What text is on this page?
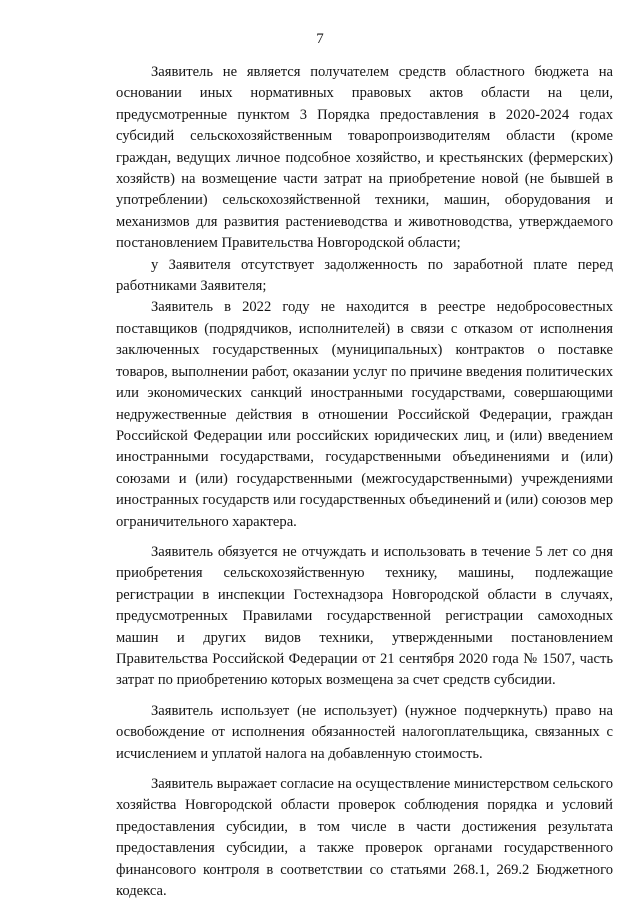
7

Заявитель не является получателем средств областного бюджета на основании иных нормативных правовых актов области на цели, предусмотренные пунктом 3 Порядка предоставления в 2020-2024 годах субсидий сельскохозяйственным товаропроизводителям области (кроме граждан, ведущих личное подсобное хозяйство, и крестьянских (фермерских) хозяйств) на возмещение части затрат на приобретение новой (не бывшей в употреблении) сельскохозяйственной техники, машин, оборудования и механизмов для развития растениеводства и животноводства, утверждаемого постановлением Правительства Новгородской области;

у Заявителя отсутствует задолженность по заработной плате перед работниками Заявителя;

Заявитель в 2022 году не находится в реестре недобросовестных поставщиков (подрядчиков, исполнителей) в связи с отказом от исполнения заключенных государственных (муниципальных) контрактов о поставке товаров, выполнении работ, оказании услуг по причине введения политических или экономических санкций иностранными государствами, совершающими недружественные действия в отношении Российской Федерации, граждан Российской Федерации или российских юридических лиц, и (или) введением иностранными государствами, государственными объединениями и (или) союзами и (или) государственными (межгосударственными) учреждениями иностранных государств или государственных объединений и (или) союзов мер ограничительного характера.

Заявитель обязуется не отчуждать и использовать в течение 5 лет со дня приобретения сельскохозяйственную технику, машины, подлежащие регистрации в инспекции Гостехнадзора Новгородской области в случаях, предусмотренных Правилами государственной регистрации самоходных машин и других видов техники, утвержденными постановлением Правительства Российской Федерации от 21 сентября 2020 года № 1507, часть затрат по приобретению которых возмещена за счет средств субсидии.

Заявитель использует (не использует) (нужное подчеркнуть) право на освобождение от исполнения обязанностей налогоплательщика, связанных с исчислением и уплатой налога на добавленную стоимость.

Заявитель выражает согласие на осуществление министерством сельского хозяйства Новгородской области проверок соблюдения порядка и условий предоставления субсидии, в том числе в части достижения результата предоставления субсидии, а также проверок органами государственного финансового контроля в соответствии со статьями 268.1, 269.2 Бюджетного кодекса.
